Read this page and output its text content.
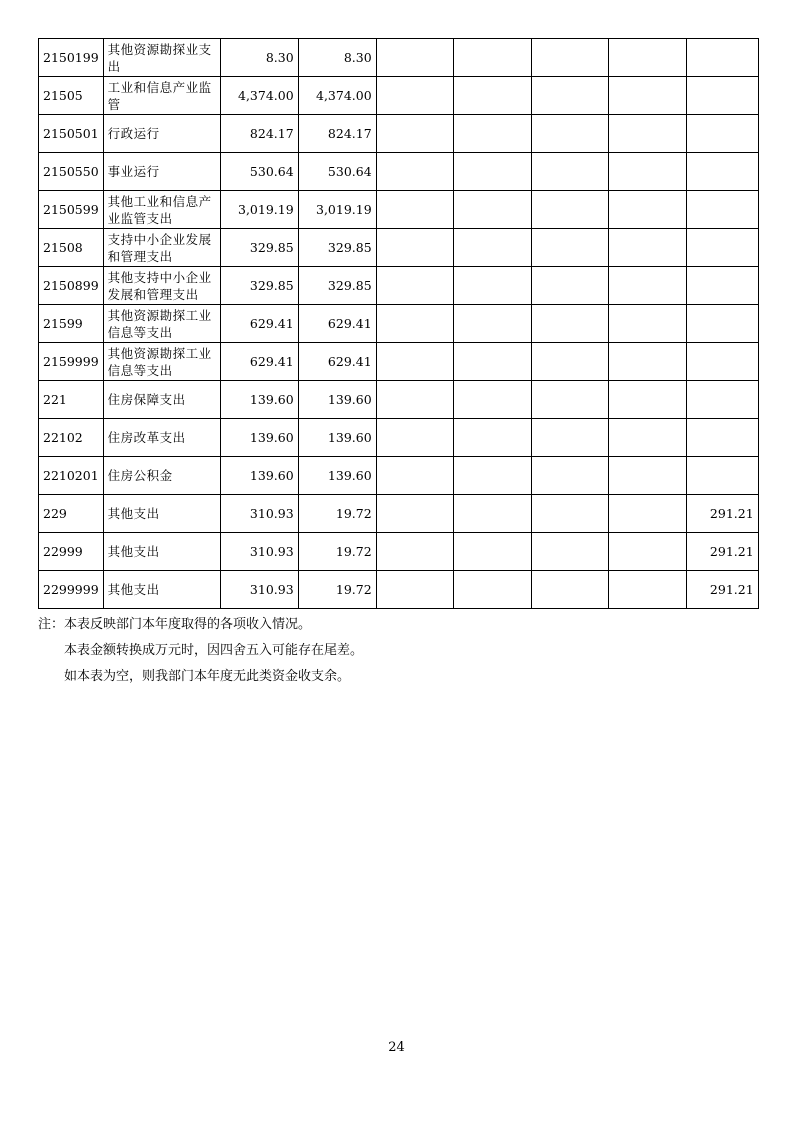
2150199	其他资源勘探业支出	8.30	8.30					
21505	工业和信息产业监管	4,374.00	4,374.00					
2150501	行政运行	824.17	824.17					
2150550	事业运行	530.64	530.64					
2150599	其他工业和信息产业监管支出	3,019.19	3,019.19					
21508	支持中小企业发展和管理支出	329.85	329.85					
2150899	其他支持中小企业发展和管理支出	329.85	329.85					
21599	其他资源勘探工业信息等支出	629.41	629.41					
2159999	其他资源勘探工业信息等支出	629.41	629.41					
221	住房保障支出	139.60	139.60					
22102	住房改革支出	139.60	139.60					
2210201	住房公积金	139.60	139.60					
229	其他支出	310.93	19.72					291.21
22999	其他支出	310.93	19.72					291.21
2299999	其他支出	310.93	19.72					291.21

注：本表反映部门本年度取得的各项收入情况。

本表金额转换成万元时，因四舍五入可能存在尾差。

如本表为空，则我部门本年度无此类资金收支余。

24
